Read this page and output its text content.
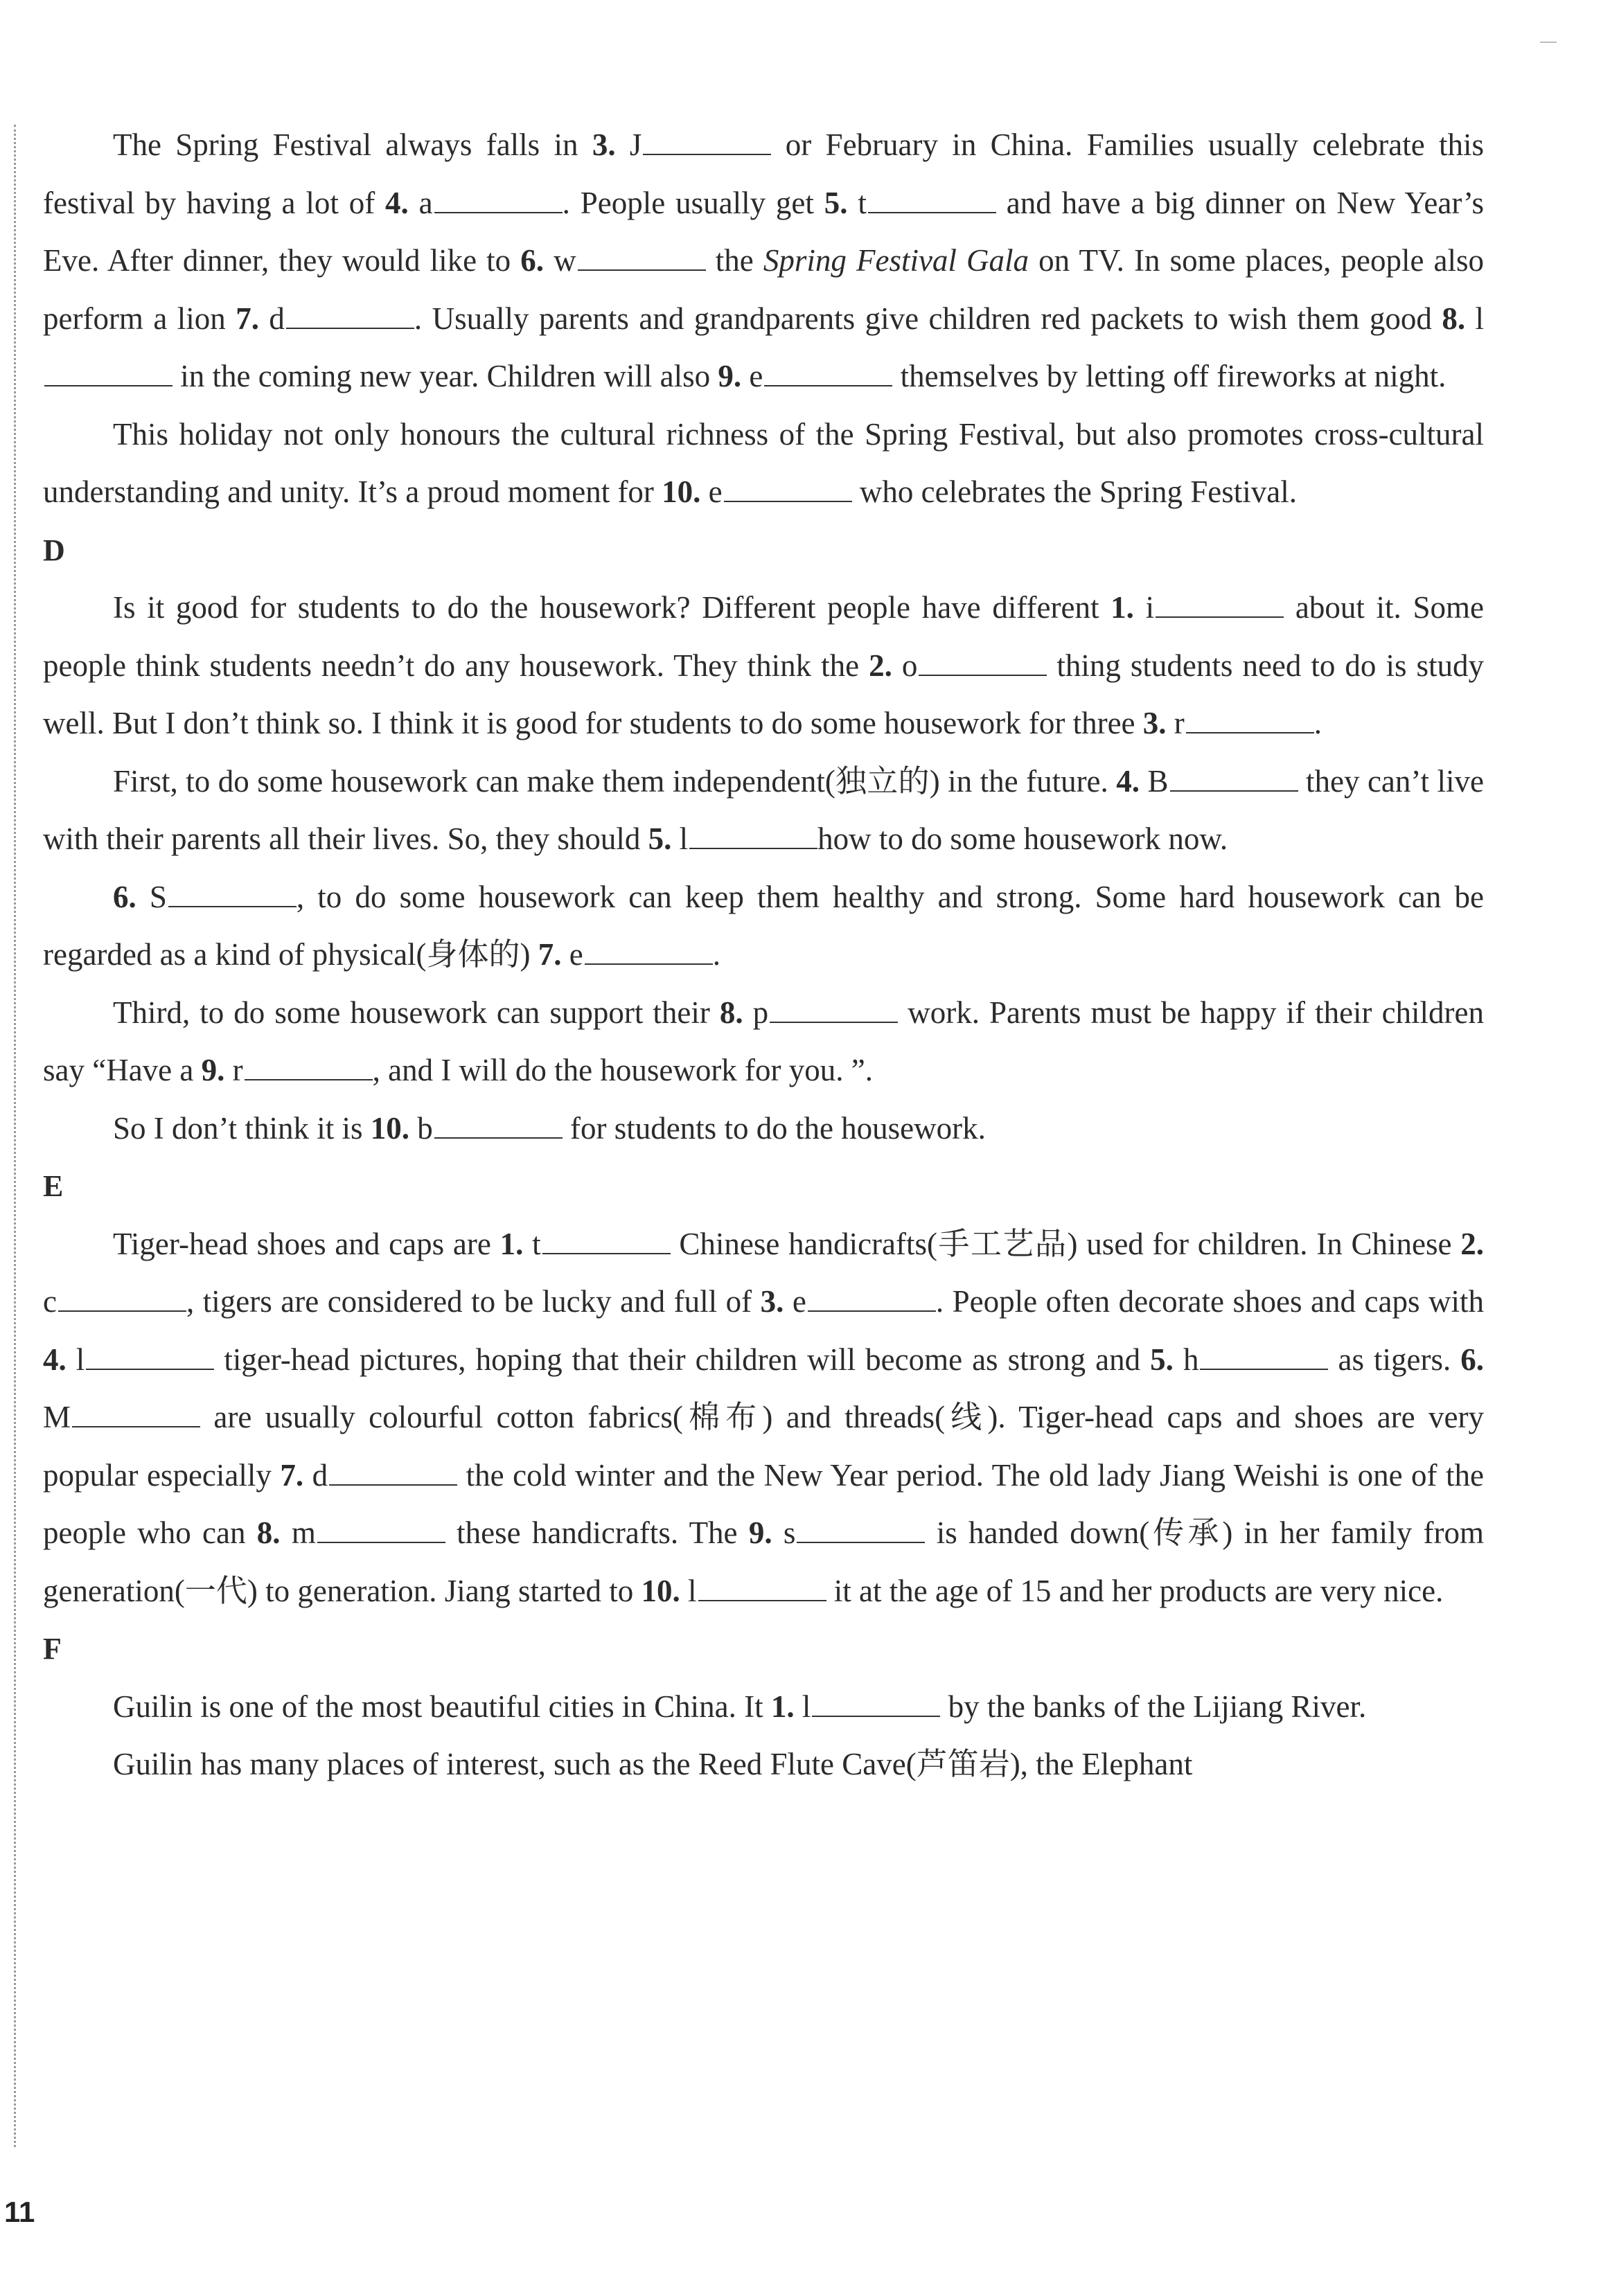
The Spring Festival always falls in 3. J	or February in China. Families usually celebrate this festival by having a lot of 4. a	. People usually get 5. t	and have a big dinner on New Year’s Eve. After dinner, they would like to 6. w	the Spring Festival Gala on TV. In some places, people also perform a lion 7. d	. Usually parents and grandparents give children red packets to wish them good 8. l in the coming new year. Children will also 9. e	themselves by letting off fireworks at night.

This holiday not only honours the cultural richness of the Spring Festival, but also promotes cross-cultural understanding and unity. It’s a proud moment for 10. e	who celebrates the Spring Festival.

D

Is it good for students to do the housework? Different people have different 1. i	about it. Some people think students needn’t do any housework. They think the 2. o	thing students need to do is study well. But I don’t think so. I think it is good for students to do some housework for three 3. r	.

First, to do some housework can make them independent(独立的) in the future. 4. B	they can’t live with their parents all their lives. So, they should 5. l	how to do some housework now.

6. S	, to do some housework can keep them healthy and strong. Some hard housework can be regarded as a kind of physical(身体的) 7. e	.

Third, to do some housework can support their 8. p	work. Parents must be happy if their children say “Have a 9. r	, and I will do the housework for you. ”.

So I don’t think it is 10. b	for students to do the housework.

E

Tiger-head shoes and caps are 1. t	Chinese handicrafts(手工艺品) used for children. In Chinese 2. c	, tigers are considered to be lucky and full of 3. e	. People often decorate shoes and caps with 4. l	tiger-head pictures, hoping that their children will become as strong and 5. h	as tigers. 6. M	are usually colourful cotton fabrics(棉布) and threads(线). Tiger-head caps and shoes are very popular especially 7. d	the cold winter and the New Year period. The old lady Jiang Weishi is one of the people who can 8. m	these handicrafts. The 9. s	is handed down(传承) in her family from generation(一代) to generation. Jiang started to 10. l	it at the age of 15 and her products are very nice.

F

Guilin is one of the most beautiful cities in China. It 1. l	by the banks of the Lijiang River.

Guilin has many places of interest, such as the Reed Flute Cave(芦笛岩), the Elephant

11
